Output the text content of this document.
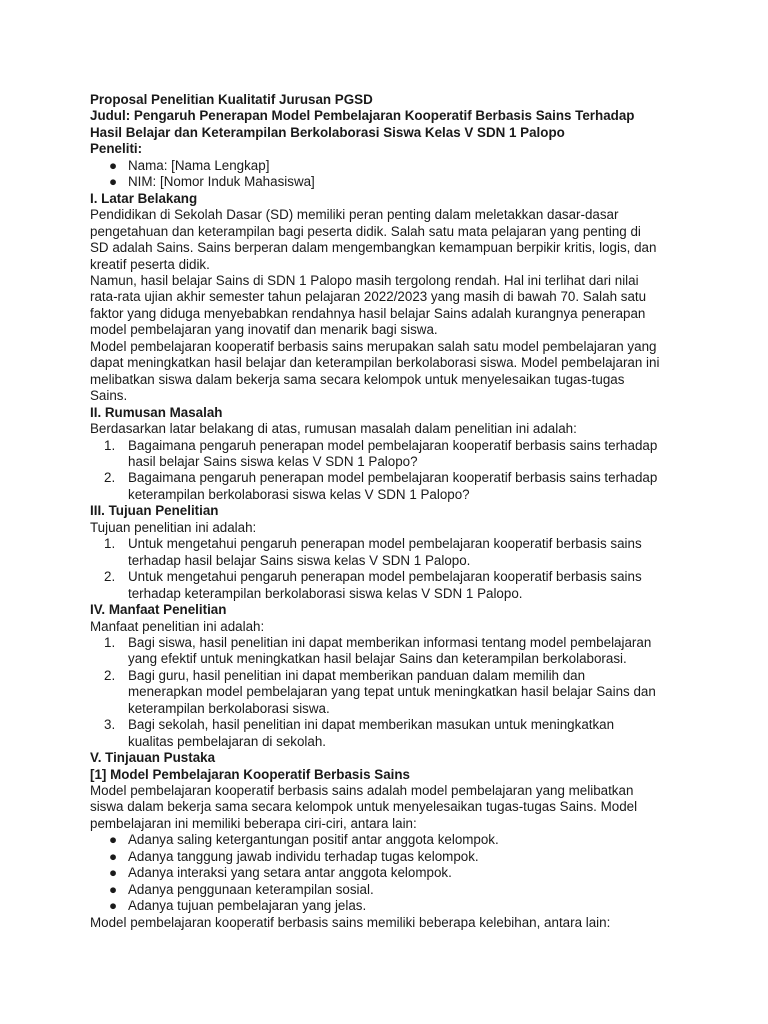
Proposal Penelitian Kualitatif Jurusan PGSD

Judul: Pengaruh Penerapan Model Pembelajaran Kooperatif Berbasis Sains Terhadap

Hasil Belajar dan Keterampilan Berkolaborasi Siswa Kelas V SDN 1 Palopo

Peneliti:

● Nama: [Nama Lengkap]
● NIM: [Nomor Induk Mahasiswa]

I. Latar Belakang

Pendidikan di Sekolah Dasar (SD) memiliki peran penting dalam meletakkan dasar-dasar

pengetahuan dan keterampilan bagi peserta didik. Salah satu mata pelajaran yang penting di

SD adalah Sains. Sains berperan dalam mengembangkan kemampuan berpikir kritis, logis, dan

kreatif peserta didik.

Namun, hasil belajar Sains di SDN 1 Palopo masih tergolong rendah. Hal ini terlihat dari nilai

rata-rata ujian akhir semester tahun pelajaran 2022/2023 yang masih di bawah 70. Salah satu

faktor yang diduga menyebabkan rendahnya hasil belajar Sains adalah kurangnya penerapan

model pembelajaran yang inovatif dan menarik bagi siswa.

Model pembelajaran kooperatif berbasis sains merupakan salah satu model pembelajaran yang

dapat meningkatkan hasil belajar dan keterampilan berkolaborasi siswa. Model pembelajaran ini

melibatkan siswa dalam bekerja sama secara kelompok untuk menyelesaikan tugas-tugas

Sains.

II. Rumusan Masalah

Berdasarkan latar belakang di atas, rumusan masalah dalam penelitian ini adalah:

1. Bagaimana pengaruh penerapan model pembelajaran kooperatif berbasis sains terhadap
hasil belajar Sains siswa kelas V SDN 1 Palopo?
2. Bagaimana pengaruh penerapan model pembelajaran kooperatif berbasis sains terhadap
keterampilan berkolaborasi siswa kelas V SDN 1 Palopo?

III. Tujuan Penelitian

Tujuan penelitian ini adalah:

1. Untuk mengetahui pengaruh penerapan model pembelajaran kooperatif berbasis sains
terhadap hasil belajar Sains siswa kelas V SDN 1 Palopo.
2. Untuk mengetahui pengaruh penerapan model pembelajaran kooperatif berbasis sains
terhadap keterampilan berkolaborasi siswa kelas V SDN 1 Palopo.

IV. Manfaat Penelitian

Manfaat penelitian ini adalah:

1. Bagi siswa, hasil penelitian ini dapat memberikan informasi tentang model pembelajaran
yang efektif untuk meningkatkan hasil belajar Sains dan keterampilan berkolaborasi.
2. Bagi guru, hasil penelitian ini dapat memberikan panduan dalam memilih dan
menerapkan model pembelajaran yang tepat untuk meningkatkan hasil belajar Sains dan
keterampilan berkolaborasi siswa.
3. Bagi sekolah, hasil penelitian ini dapat memberikan masukan untuk meningkatkan
kualitas pembelajaran di sekolah.

V. Tinjauan Pustaka

[1] Model Pembelajaran Kooperatif Berbasis Sains

Model pembelajaran kooperatif berbasis sains adalah model pembelajaran yang melibatkan

siswa dalam bekerja sama secara kelompok untuk menyelesaikan tugas-tugas Sains. Model

pembelajaran ini memiliki beberapa ciri-ciri, antara lain:

● Adanya saling ketergantungan positif antar anggota kelompok.
● Adanya tanggung jawab individu terhadap tugas kelompok.
● Adanya interaksi yang setara antar anggota kelompok.
● Adanya penggunaan keterampilan sosial.
● Adanya tujuan pembelajaran yang jelas.

Model pembelajaran kooperatif berbasis sains memiliki beberapa kelebihan, antara lain:
